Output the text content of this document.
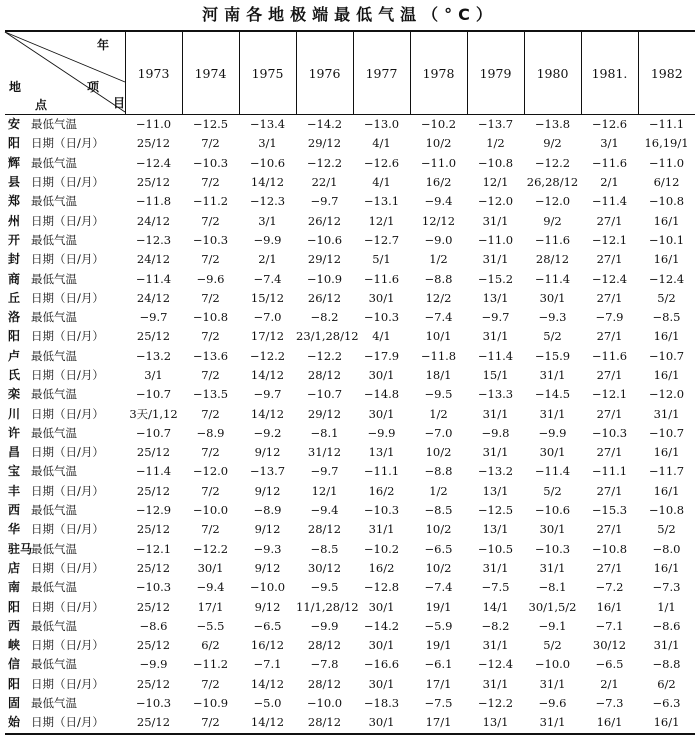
河南各地极端最低气温（°C）
年
项
目
地
点		1973	1974	1975	1976	1977	1978	1979	1980	1981.	1982
安	最低气温	−11.0	−12.5	−13.4	−14.2	−13.0	−10.2	−13.7	−13.8	−12.6	−11.1
阳	日期（日/月）	25/12	7/2	3/1	29/12	4/1	10/2	1/2	9/2	3/1	16,19/1
辉	最低气温	−12.4	−10.3	−10.6	−12.2	−12.6	−11.0	−10.8	−12.2	−11.6	−11.0
县	日期（日/月）	25/12	7/2	14/12	22/1	4/1	16/2	12/1	26,28/12	2/1	6/12
郑	最低气温	−11.8	−11.2	−12.3	−9.7	−13.1	−9.4	−12.0	−12.0	−11.4	−10.8
州	日期（日/月）	24/12	7/2	3/1	26/12	12/1	12/12	31/1	9/2	27/1	16/1
开	最低气温	−12.3	−10.3	−9.9	−10.6	−12.7	−9.0	−11.0	−11.6	−12.1	−10.1
封	日期（日/月）	24/12	7/2	2/1	29/12	5/1	1/2	31/1	28/12	27/1	16/1
商	最低气温	−11.4	−9.6	−7.4	−10.9	−11.6	−8.8	−15.2	−11.4	−12.4	−12.4
丘	日期（日/月）	24/12	7/2	15/12	26/12	30/1	12/2	13/1	30/1	27/1	5/2
洛	最低气温	−9.7	−10.8	−7.0	−8.2	−10.3	−7.4	−9.7	−9.3	−7.9	−8.5
阳	日期（日/月）	25/12	7/2	17/12	23/1,28/12	4/1	10/1	31/1	5/2	27/1	16/1
卢	最低气温	−13.2	−13.6	−12.2	−12.2	−17.9	−11.8	−11.4	−15.9	−11.6	−10.7
氏	日期（日/月）	3/1	7/2	14/12	28/12	30/1	18/1	15/1	31/1	27/1	16/1
栾	最低气温	−10.7	−13.5	−9.7	−10.7	−14.8	−9.5	−13.3	−14.5	−12.1	−12.0
川	日期（日/月）	3天/1,12	7/2	14/12	29/12	30/1	1/2	31/1	31/1	27/1	31/1
许	最低气温	−10.7	−8.9	−9.2	−8.1	−9.9	−7.0	−9.8	−9.9	−10.3	−10.7
昌	日期（日/月）	25/12	7/2	9/12	31/12	13/1	10/2	31/1	30/1	27/1	16/1
宝	最低气温	−11.4	−12.0	−13.7	−9.7	−11.1	−8.8	−13.2	−11.4	−11.1	−11.7
丰	日期（日/月）	25/12	7/2	9/12	12/1	16/2	1/2	13/1	5/2	27/1	16/1
西	最低气温	−12.9	−10.0	−8.9	−9.4	−10.3	−8.5	−12.5	−10.6	−15.3	−10.8
华	日期（日/月）	25/12	7/2	9/12	28/12	31/1	10/2	13/1	30/1	27/1	5/2
驻马	最低气温	−12.1	−12.2	−9.3	−8.5	−10.2	−6.5	−10.5	−10.3	−10.8	−8.0
店	日期（日/月）	25/12	30/1	9/12	30/12	16/2	10/2	31/1	31/1	27/1	16/1
南	最低气温	−10.3	−9.4	−10.0	−9.5	−12.8	−7.4	−7.5	−8.1	−7.2	−7.3
阳	日期（日/月）	25/12	17/1	9/12	11/1,28/12	30/1	19/1	14/1	30/1,5/2	16/1	1/1
西	最低气温	−8.6	−5.5	−6.5	−9.9	−14.2	−5.9	−8.2	−9.1	−7.1	−8.6
峡	日期（日/月）	25/12	6/2	16/12	28/12	30/1	19/1	31/1	5/2	30/12	31/1
信	最低气温	−9.9	−11.2	−7.1	−7.8	−16.6	−6.1	−12.4	−10.0	−6.5	−8.8
阳	日期（日/月）	25/12	7/2	14/12	28/12	30/1	17/1	31/1	31/1	2/1	6/2
固	最低气温	−10.3	−10.9	−5.0	−10.0	−18.3	−7.5	−12.2	−9.6	−7.3	−6.3
始	日期（日/月）	25/12	7/2	14/12	28/12	30/1	17/1	13/1	31/1	16/1	16/1
